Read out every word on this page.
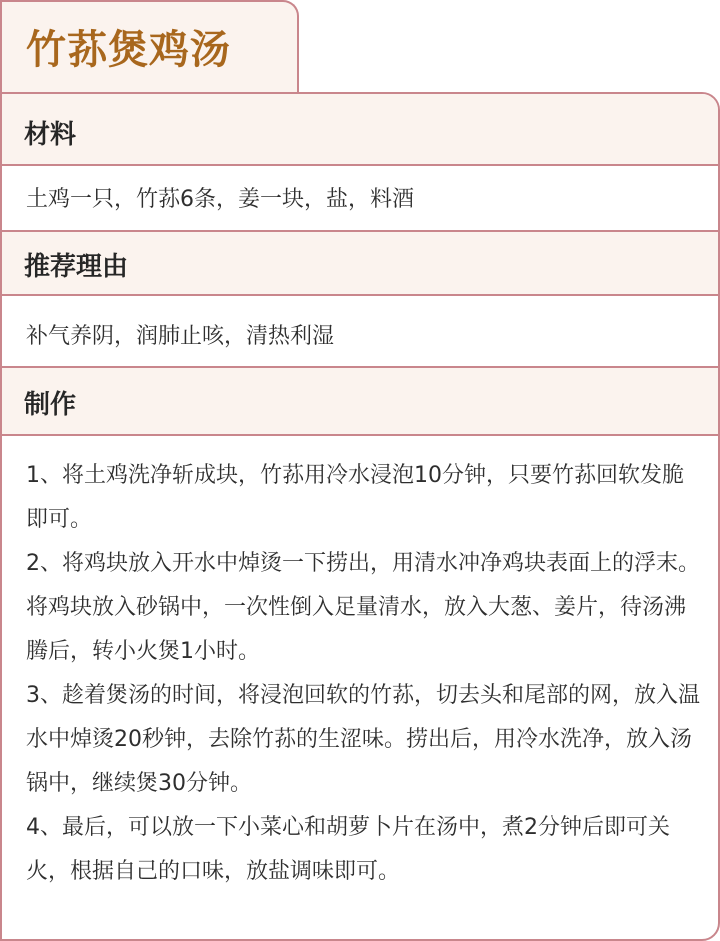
竹荪煲鸡汤
材料
土鸡一只，竹荪6条，姜一块，盐，料酒
推荐理由
补气养阴，润肺止咳，清热利湿
制作

1、将土鸡洗净斩成块，竹荪用冷水浸泡10分钟，只要竹荪回软发脆即可。

2、将鸡块放入开水中焯烫一下捞出，用清水冲净鸡块表面上的浮末。将鸡块放入砂锅中，一次性倒入足量清水，放入大葱、姜片，待汤沸腾后，转小火煲1小时。

3、趁着煲汤的时间，将浸泡回软的竹荪，切去头和尾部的网，放入温水中焯烫20秒钟，去除竹荪的生涩味。捞出后，用冷水洗净，放入汤锅中，继续煲30分钟。

4、最后，可以放一下小菜心和胡萝卜片在汤中，煮2分钟后即可关火，根据自己的口味，放盐调味即可。
